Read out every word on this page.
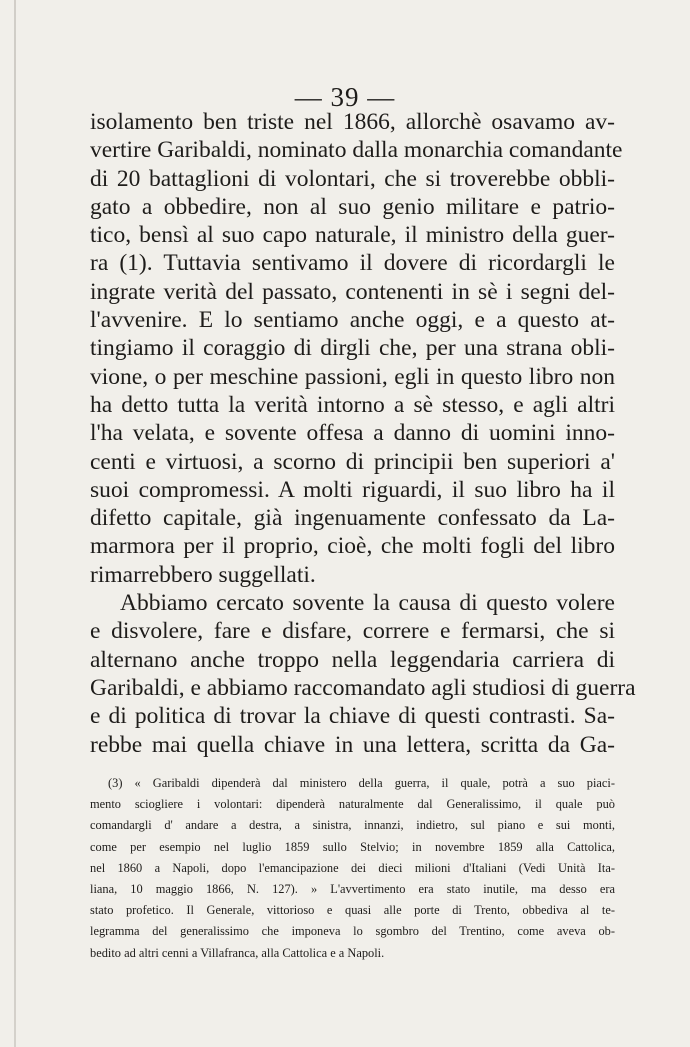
— 39 —
isolamento ben triste nel 1866, allorchè osavamo av-
vertire Garibaldi, nominato dalla monarchia comandante
di 20 battaglioni di volontari, che si troverebbe obbli-
gato a obbedire, non al suo genio militare e patrio-
tico, bensì al suo capo naturale, il ministro della guer-
ra (1). Tuttavia sentivamo il dovere di ricordargli le
ingrate verità del passato, contenenti in sè i segni del-
l'avvenire. E lo sentiamo anche oggi, e a questo at-
tingiamo il coraggio di dirgli che, per una strana obli-
vione, o per meschine passioni, egli in questo libro non
ha detto tutta la verità intorno a sè stesso, e agli altri
l'ha velata, e sovente offesa a danno di uomini inno-
centi e virtuosi, a scorno di principii ben superiori a'
suoi compromessi. A molti riguardi, il suo libro ha il
difetto capitale, già ingenuamente confessato da La-
marmora per il proprio, cioè, che molti fogli del libro
rimarrebbero suggellati.
Abbiamo cercato sovente la causa di questo volere
e disvolere, fare e disfare, correre e fermarsi, che si
alternano anche troppo nella leggendaria carriera di
Garibaldi, e abbiamo raccomandato agli studiosi di guerra
e di politica di trovar la chiave di questi contrasti. Sa-
rebbe mai quella chiave in una lettera, scritta da Ga-
(3) « Garibaldi dipenderà dal ministero della guerra, il quale, potrà a suo piaci-
mento sciogliere i volontari: dipenderà naturalmente dal Generalissimo, il quale può
comandargli d' andare a destra, a sinistra, innanzi, indietro, sul piano e sui monti,
come per esempio nel luglio 1859 sullo Stelvio; in novembre 1859 alla Cattolica,
nel 1860 a Napoli, dopo l'emancipazione dei dieci milioni d'Italiani (Vedi Unità Ita-
liana, 10 maggio 1866, N. 127). » L'avvertimento era stato inutile, ma desso era
stato profetico. Il Generale, vittorioso e quasi alle porte di Trento, obbediva al te-
legramma del generalissimo che imponeva lo sgombro del Trentino, come aveva ob-
bedito ad altri cenni a Villafranca, alla Cattolica e a Napoli.
